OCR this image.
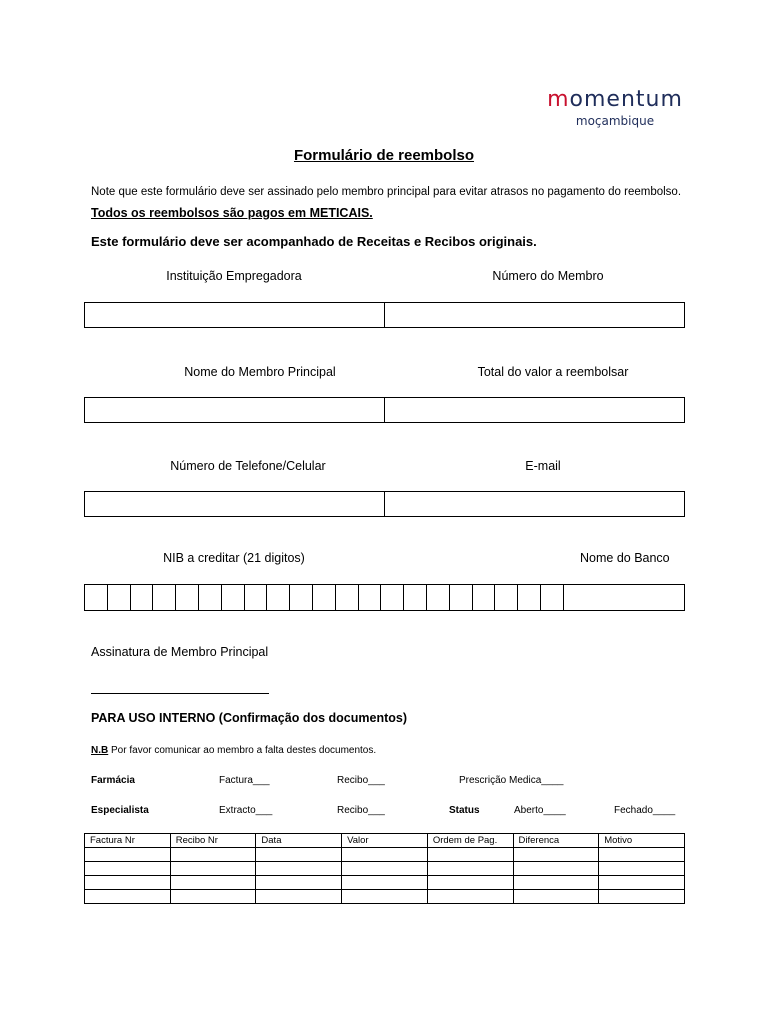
momentum
moçambique
Formulário de reembolso
Note que este formulário deve ser assinado pelo membro principal para evitar atrasos no pagamento do reembolso. Todos os reembolsos são pagos em METICAIS.
Este formulário deve ser acompanhado de Receitas e Recibos originais.
Instituição Empregadora	Número do Membro
Nome do Membro Principal	Total do valor a reembolsar
Número de Telefone/Celular	E-mail
NIB a creditar (21 digitos)	Nome do Banco
Assinatura de Membro Principal
PARA USO INTERNO (Confirmação dos documentos)
N.B Por favor comunicar ao membro a falta destes documentos.
Farmácia	Factura___	Recibo___	Prescrição Medica____
Especialista	Extracto___	Recibo___	Status	Aberto____	Fechado____
Factura Nr	Recibo Nr	Data	Valor	Ordem de Pag.	Diferenca	Motivo
